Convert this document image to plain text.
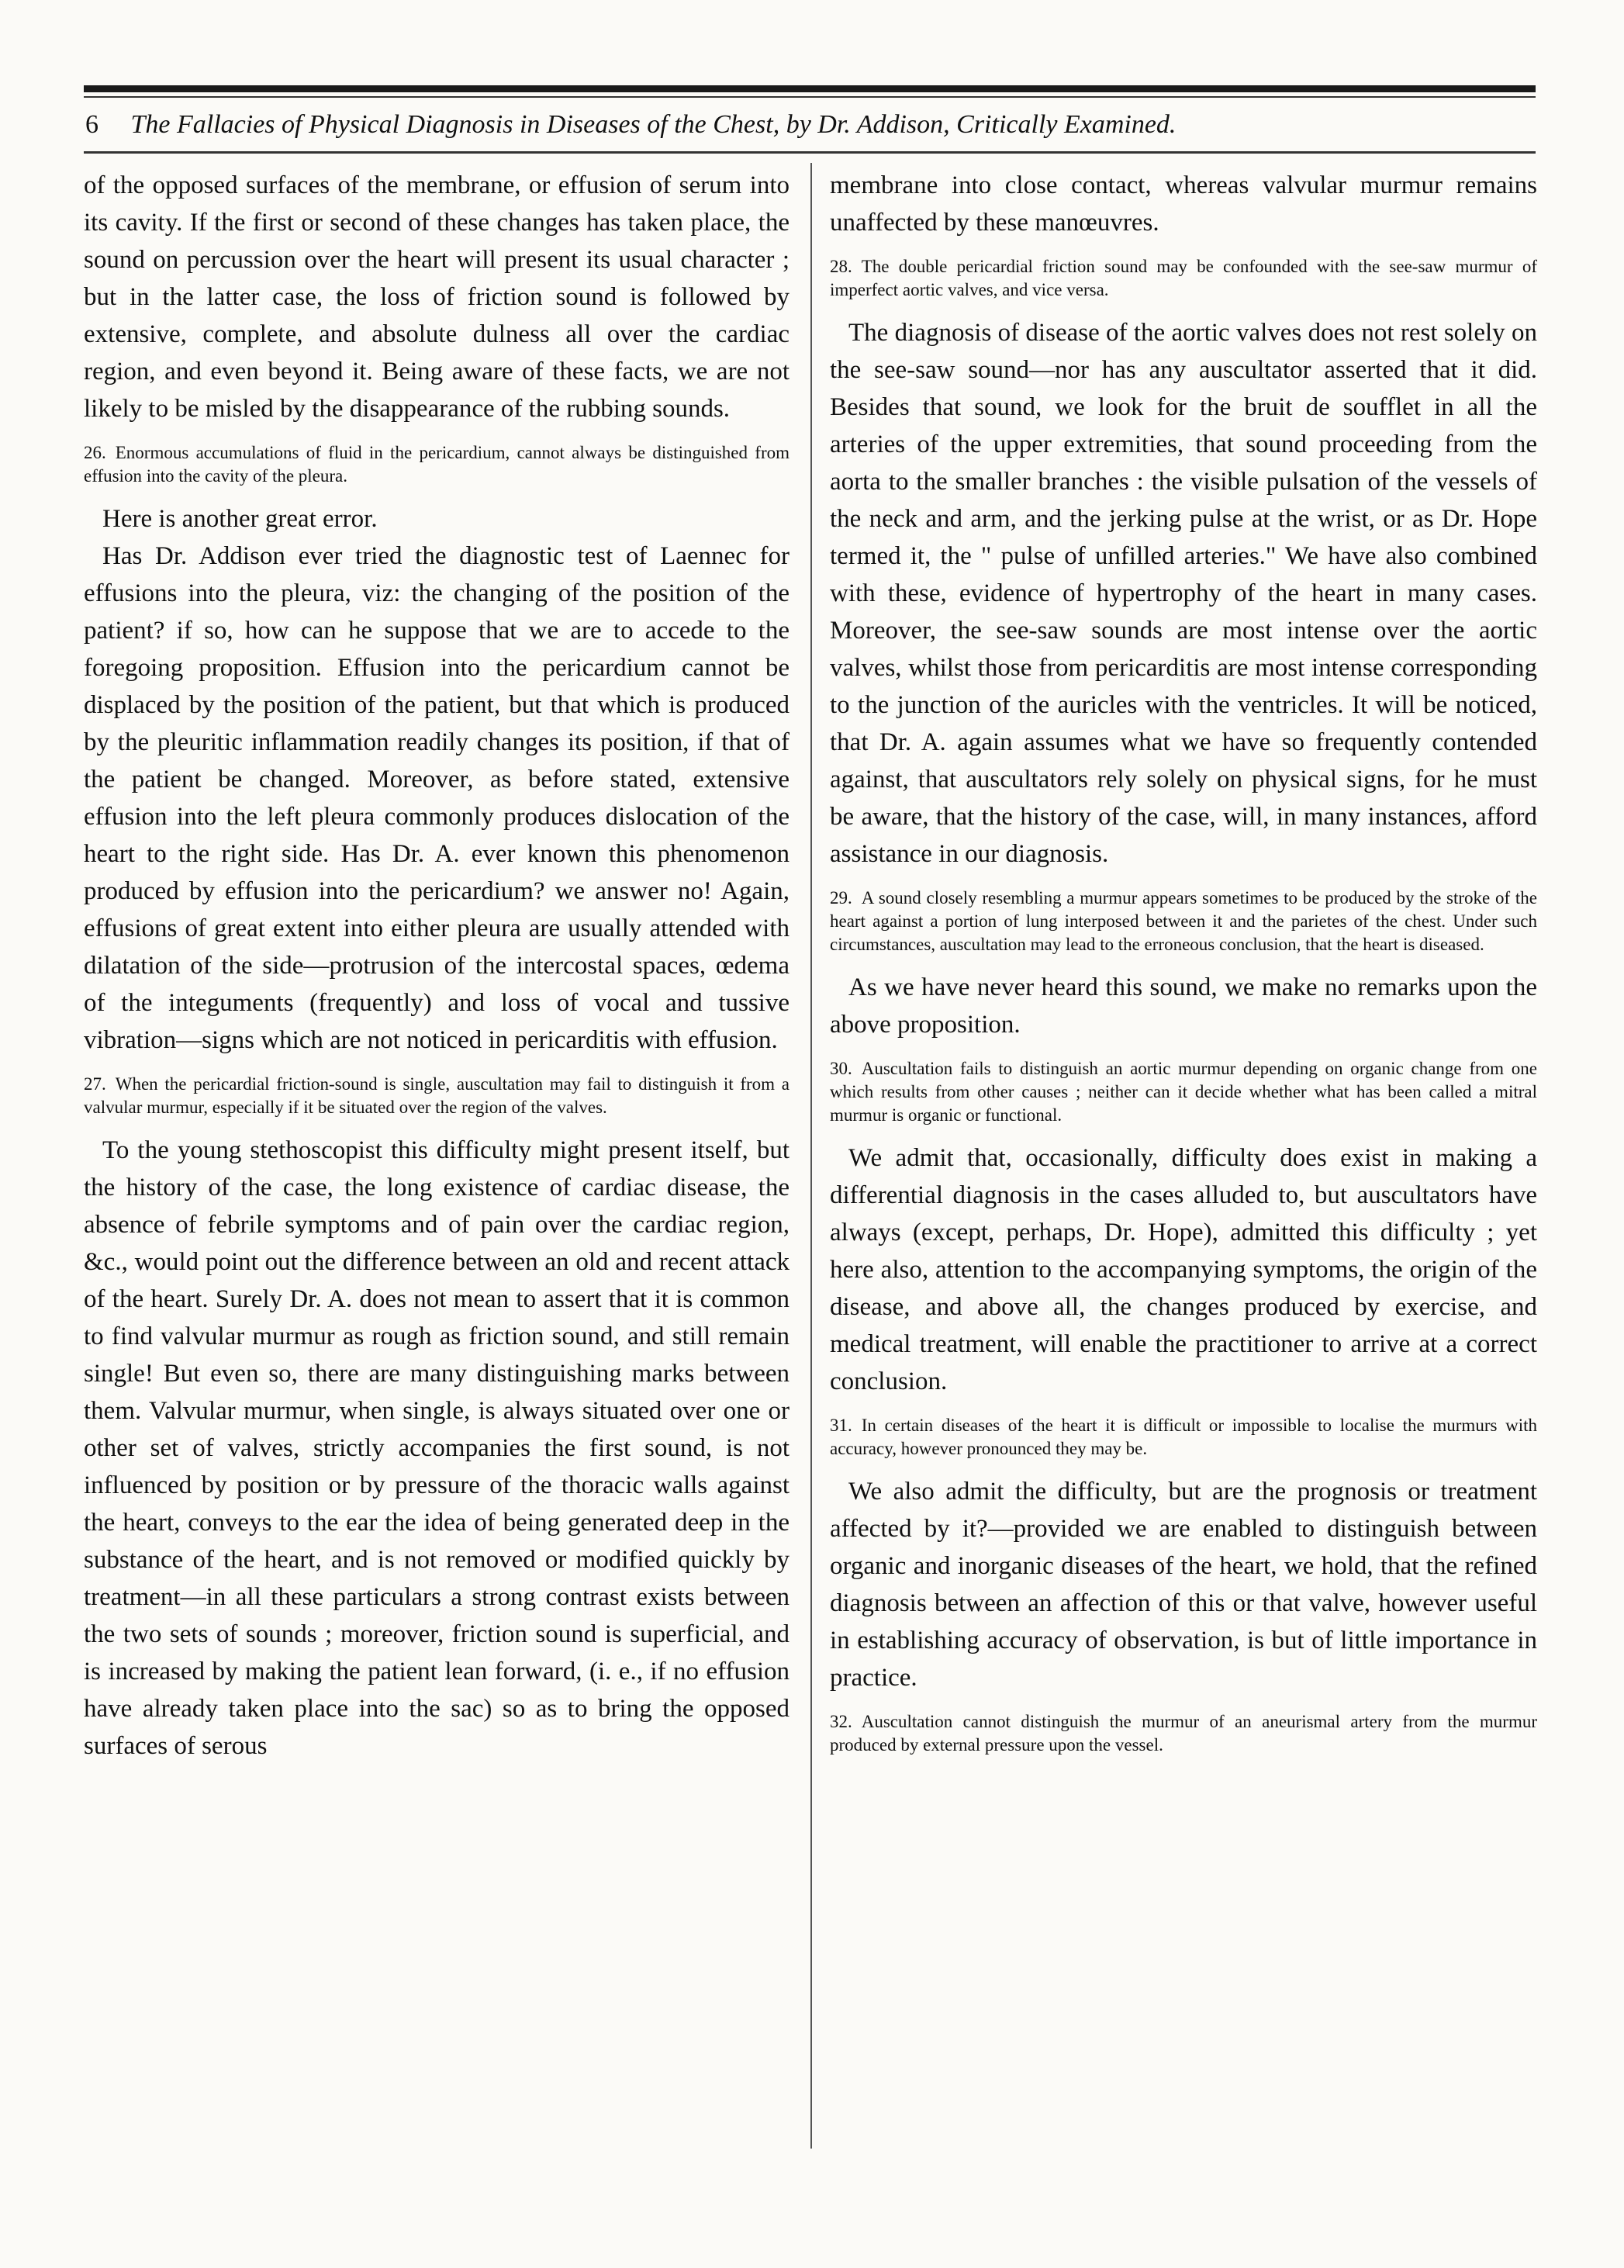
6 The Fallacies of Physical Diagnosis in Diseases of the Chest, by Dr. Addison, Critically Examined.

of the opposed surfaces of the membrane, or effusion of serum into its cavity. If the first or second of these changes has taken place, the sound on percussion over the heart will present its usual character ; but in the latter case, the loss of friction sound is followed by extensive, complete, and absolute dulness all over the cardiac region, and even beyond it. Being aware of these facts, we are not likely to be misled by the disappearance of the rubbing sounds.

26. Enormous accumulations of fluid in the pericardium, cannot always be distinguished from effusion into the cavity of the pleura.

Here is another great error.

Has Dr. Addison ever tried the diagnostic test of Laennec for effusions into the pleura, viz: the changing of the position of the patient? if so, how can he suppose that we are to accede to the foregoing proposition. Effusion into the pericardium cannot be displaced by the position of the patient, but that which is produced by the pleuritic inflammation readily changes its position, if that of the patient be changed. Moreover, as before stated, extensive effusion into the left pleura commonly produces dislocation of the heart to the right side. Has Dr. A. ever known this phenomenon produced by effusion into the pericardium? we answer no! Again, effusions of great extent into either pleura are usually attended with dilatation of the side—protrusion of the intercostal spaces, œdema of the integuments (frequently) and loss of vocal and tussive vibration—signs which are not noticed in pericarditis with effusion.

27. When the pericardial friction-sound is single, auscultation may fail to distinguish it from a valvular murmur, especially if it be situated over the region of the valves.

To the young stethoscopist this difficulty might present itself, but the history of the case, the long existence of cardiac disease, the absence of febrile symptoms and of pain over the cardiac region, &c., would point out the difference between an old and recent attack of the heart. Surely Dr. A. does not mean to assert that it is common to find valvular murmur as rough as friction sound, and still remain single! But even so, there are many distinguishing marks between them. Valvular murmur, when single, is always situated over one or other set of valves, strictly accompanies the first sound, is not influenced by position or by pressure of the thoracic walls against the heart, conveys to the ear the idea of being generated deep in the substance of the heart, and is not removed or modified quickly by treatment—in all these particulars a strong contrast exists between the two sets of sounds ; moreover, friction sound is superficial, and is increased by making the patient lean forward, (i. e., if no effusion have already taken place into the sac) so as to bring the opposed surfaces of serous

membrane into close contact, whereas valvular murmur remains unaffected by these manœuvres.

28. The double pericardial friction sound may be confounded with the see-saw murmur of imperfect aortic valves, and vice versa.

The diagnosis of disease of the aortic valves does not rest solely on the see-saw sound—nor has any auscultator asserted that it did. Besides that sound, we look for the bruit de soufflet in all the arteries of the upper extremities, that sound proceeding from the aorta to the smaller branches : the visible pulsation of the vessels of the neck and arm, and the jerking pulse at the wrist, or as Dr. Hope termed it, the " pulse of unfilled arteries." We have also combined with these, evidence of hypertrophy of the heart in many cases. Moreover, the see-saw sounds are most intense over the aortic valves, whilst those from pericarditis are most intense corresponding to the junction of the auricles with the ventricles. It will be noticed, that Dr. A. again assumes what we have so frequently contended against, that auscultators rely solely on physical signs, for he must be aware, that the history of the case, will, in many instances, afford assistance in our diagnosis.

29. A sound closely resembling a murmur appears sometimes to be produced by the stroke of the heart against a portion of lung interposed between it and the parietes of the chest. Under such circumstances, auscultation may lead to the erroneous conclusion, that the heart is diseased.

As we have never heard this sound, we make no remarks upon the above proposition.

30. Auscultation fails to distinguish an aortic murmur depending on organic change from one which results from other causes ; neither can it decide whether what has been called a mitral murmur is organic or functional.

We admit that, occasionally, difficulty does exist in making a differential diagnosis in the cases alluded to, but auscultators have always (except, perhaps, Dr. Hope), admitted this difficulty ; yet here also, attention to the accompanying symptoms, the origin of the disease, and above all, the changes produced by exercise, and medical treatment, will enable the practitioner to arrive at a correct conclusion.

31. In certain diseases of the heart it is difficult or impossible to localise the murmurs with accuracy, however pronounced they may be.

We also admit the difficulty, but are the prognosis or treatment affected by it?—provided we are enabled to distinguish between organic and inorganic diseases of the heart, we hold, that the refined diagnosis between an affection of this or that valve, however useful in establishing accuracy of observation, is but of little importance in practice.

32. Auscultation cannot distinguish the murmur of an aneurismal artery from the murmur produced by external pressure upon the vessel.
